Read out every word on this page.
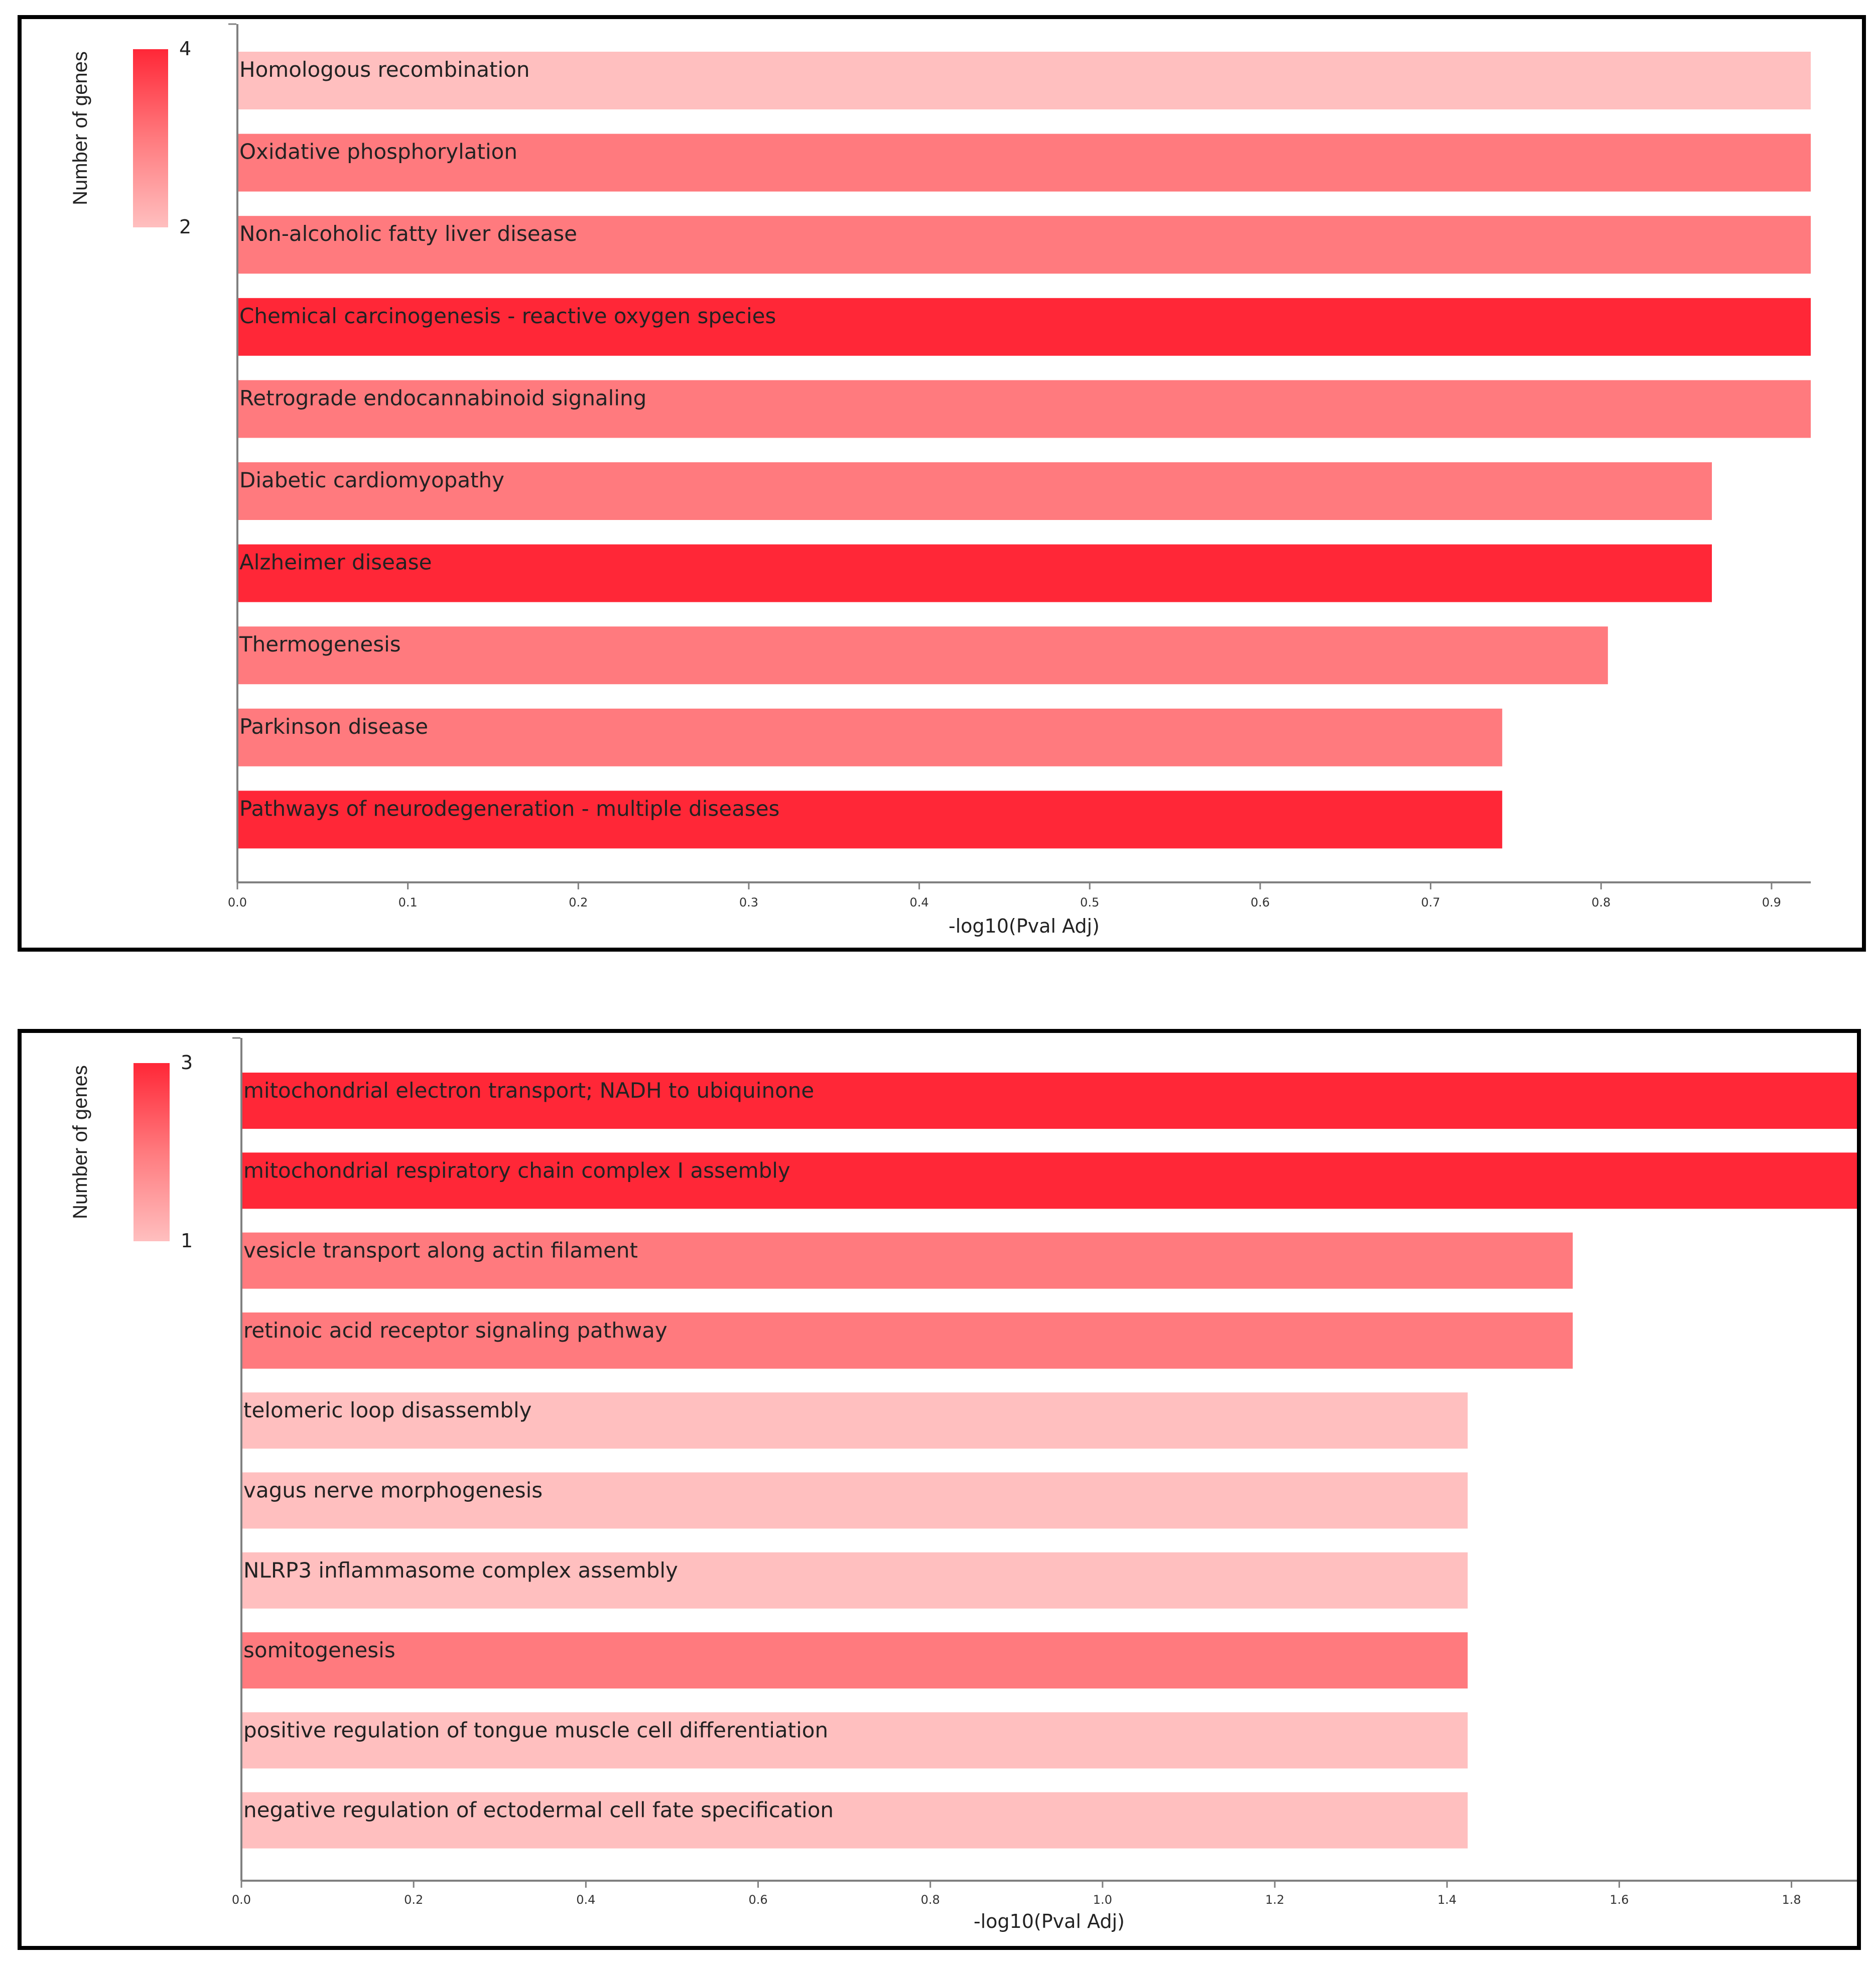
4
2
Number of genes	Homologous recombination
Oxidative phosphorylation
Non-alcoholic fatty liver disease
Chemical carcinogenesis - reactive oxygen species
Retrograde endocannabinoid signaling
Diabetic cardiomyopathy
Alzheimer disease
Thermogenesis
Parkinson disease
Pathways of neurodegeneration - multiple diseases
0.0	0.1	0.2	0.3	0.4	0.5	0.6	0.7	0.8	0.9
-log10(Pval Adj)
3
1
Number of genes	mitochondrial electron transport; NADH to ubiquinone
mitochondrial respiratory chain complex I assembly
vesicle transport along actin filament
retinoic acid receptor signaling pathway
telomeric loop disassembly
vagus nerve morphogenesis
NLRP3 inflammasome complex assembly
somitogenesis
positive regulation of tongue muscle cell differentiation
negative regulation of ectodermal cell fate specification
0.0	0.2	0.4	0.6	0.8	1.0	1.2	1.4	1.6	1.8
-log10(Pval Adj)
